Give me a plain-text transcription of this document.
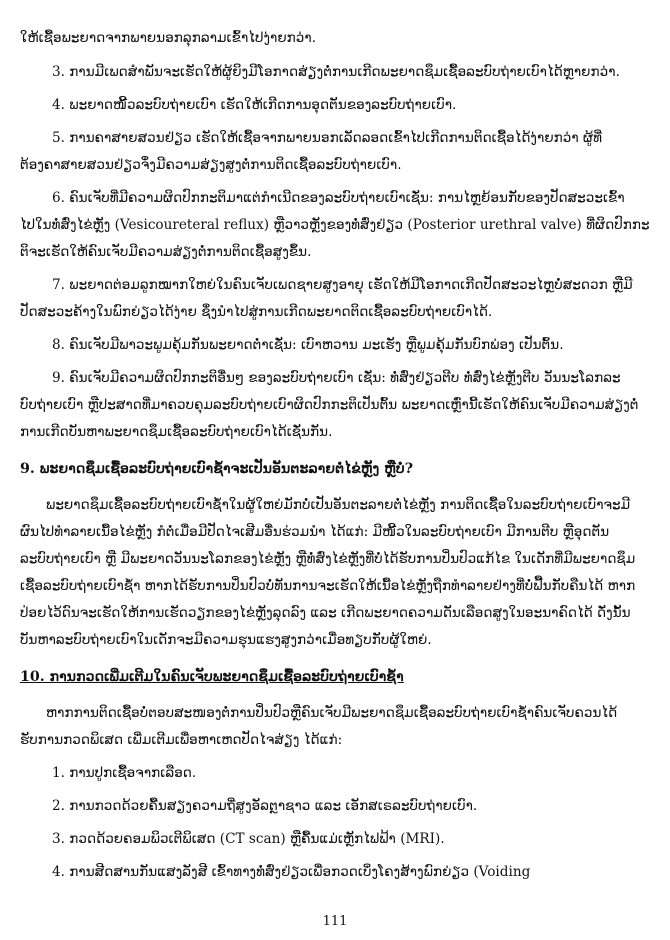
ໃຫ້ເຊື້ອພະຍາດຈາກພາຍນອກລຸກລາມເຂົ້າໄປງ່າຍກວ່າ.
3. ການມີເພດສຳພັນຈະເຮັດໃຫ້ຜູ້ຍິງມີໂອກາດສ່ຽງຕໍ່ການເກີດພະຍາດຊຶມເຊື້ອລະບົບຖ່າຍເບົາໄດ້ຫຼາຍກວ່າ.
4. ພະຍາດໜີ້ວລະບົບຖ່າຍເບົາ ເຮັດໃຫ້ເກີດການອຸດຕັນຂອງລະບົບຖ່າຍເບົາ.
5. ການຄາສາຍສວນຢ່ຽວ ເຮັດໃຫ້ເຊື້ອຈາກພາຍນອກເລັດລອດເຂົ້າໄປເກີດການຕິດເຊື້ອໄດ້ງ່າຍກວ່າ ຜູ້ທີ່
ຕ້ອງຄາສາຍສວນຢ່ຽວຈຶ່ງມີຄວາມສ່ຽງສູງຕໍ່ການຕິດເຊື້ອລະບົບຖ່າຍເບົາ.
6. ຄົນເຈັບທີ່ມີຄວາມຜິດປົກກະຕິມາແຕ່ກຳເນີດຂອງລະບົບຖ່າຍເບົາເຊັ່ນ: ການໄຫຼຍ້ອນກັບຂອງປັດສະວະເຂົ້າ
ໄປໃນທໍ່ສົ່ງໄຂ່ຫຼັງ (Vesicoureteral reflux) ຫຼືວາວຫຼັງຂອງທໍ່ສົ່ງຢ່ຽວ (Posterior urethral valve) ທີ່ຜິດປົກກະ
ຕິຈະເຮັດໃຫ້ຄົນເຈັບມີຄວາມສ່ຽງຕໍ່ການຕິດເຊື້ອສູງຂຶ້ນ.
7. ພະຍາດຕ່ອມລູກໝາກໃຫຍ່ໃນຄົນເຈັບເພດຊາຍສູງອາຍຸ ເຮັດໃຫ້ມີໂອກາດເກີດປັດສະວະໄຫຼບໍ່ສະດວກ ຫຼືມີ
ປັດສະວະຄ້າງໃນພົກຍ່ຽວໄດ້ງ່າຍ ຊຶ່ງນຳໄປສູ່ການເກີດພະຍາດຕິດເຊື້ອລະບົບຖ່າຍເບົາໄດ້.
8. ຄົນເຈັບມີພາວະພູມຄຸ້ມກັນພະຍາດຕໍ່າເຊັ່ນ: ເບົາຫວານ ມະເຮັງ ຫຼືພູມຄຸ້ມກັນບົກພ່ອງ ເປັນຕົ້ນ.
9. ຄົນເຈັບມີຄວາມຜິດປົກກະຕິອື່ນໆ ຂອງລະບົບຖ່າຍເບົາ ເຊັ່ນ: ທໍ່ສົ່ງຢ່ຽວຕີບ ທໍ່ສົ່ງໄຂ່ຫຼັງຕີບ ວັນນະໂລກລະ
ບົບຖ່າຍເບົາ ຫຼືປະສາດທີ່ມາຄວບຄຸມລະບົບຖ່າຍເບົາຜິດປົກກະຕິເປັນຕົ້ນ ພະຍາດເຫຼົ່ານີ້ເຮັດໃຫ້ຄົນເຈັບມີຄວາມສ່ຽງຕໍ່
ການເກີດບັນຫາພະຍາດຊຶມເຊື້ອລະບົບຖ່າຍເບົາໄດ້ເຊັ່ນກັນ.
9. ພະຍາດຊຶມເຊື້ອລະບົບຖ່າຍເບົາຊ້ຳຈະເປັນອັນຕະລາຍຕໍ່ໄຂ່ຫຼັງ ຫຼືບໍ່?
ພະຍາດຊຶມເຊື້ອລະບົບຖ່າຍເບົາຊ້ຳໃນຜູ້ໃຫຍ່ມັກບໍ່ເປັນອັນຕະລາຍຕໍ່ໄຂ່ຫຼັງ ການຕິດເຊື້ອໃນລະບົບຖ່າຍເບົາຈະມີ
ຜົນໄປທຳລາຍເນື້ອໄຂ່ຫຼັງ ກໍຕໍ່ເມື່ອມີປັດໄຈເສີມອື່ນຮ່ວມນຳ ໄດ້ແກ່: ມີໜີ້ວໃນລະບົບຖ່າຍເບົາ ມີການຕີບ ຫຼືອຸດຕັນ
ລະບົບຖ່າຍເບົາ ຫຼື ມີພະຍາດວັນນະໂລກຂອງໄຂ່ຫຼັງ ຫຼືທໍ່ສົ່ງໄຂ່ຫຼັງທີ່ບໍ່ໄດ້ຮັບການປິ່ນປົວແກ້ໄຂ ໃນເດັກທີ່ມີພະຍາດຊຶມ
ເຊື້ອລະບົບຖ່າຍເບົາຊ້ຳ ຫາກໄດ້ຮັບການປິ່ນປົວບໍ່ທັນການຈະເຮັດໃຫ້ເນື້ອໄຂ່ຫຼັງຖືກທຳລາຍຢ່າງທີ່ບໍ່ຟື້ນກັບຄືນໄດ້ ຫາກ
ປ່ອຍໄວ້ດົນຈະເຮັດໃຫ້ການເຮັດວຽກຂອງໄຂ່ຫຼັງລຸດລົງ ແລະ ເກີດພະຍາດຄວາມດັນເລືອດສູງໃນອະນາຄົດໄດ້ ດັ່ງນັ້ນ
ບັນຫາລະບົບຖ່າຍເບົາໃນເດັກຈະມີຄວາມຮຸນແຮງສູງກວ່າເມື່ອທຽບກັບຜູ້ໃຫຍ່.
10. ການກວດເພີ່ມເຕີມໃນຄົນເຈັບພະຍາດຊຶມເຊື້ອລະບົບຖ່າຍເບົາຊ້ຳ
ຫາກການຕິດເຊື້ອບໍ່ຕອບສະໜອງຕໍ່ການປິ່ນປົວຫຼືຄົນເຈັບມີພະຍາດຊຶມເຊື້ອລະບົບຖ່າຍເບົາຊ້ຳຄົນເຈັບຄວນໄດ້
ຮັບການກວດພິເສດ ເພີ່ມເຕີມເພື່ອຫາເຫດປັດໄຈສ່ຽງ ໄດ້ແກ່:
1. ການປູກເຊື້ອຈາກເລືອດ.
2. ການກວດດ້ວຍຄື້ນສຽງຄວາມຖີ່ສູງອັລຕຼາຊາວ ແລະ ເອັກສເຣລະບົບຖ່າຍເບົາ.
3. ກວດດ້ວຍຄອມພິວເຕີພິເສດ (CT scan) ຫຼືຄື້ນແມ່ເຫຼັກໄຟຟ້າ (MRI).
4. ການສີດສານກັນແສງລັງສີ ເຂົ້າທາງທໍ່ສົ່ງຢ່ຽວເພື່ອກວດເບິ່ງໂຄງສ້າງພົກຍ່ຽວ (Voiding
111
